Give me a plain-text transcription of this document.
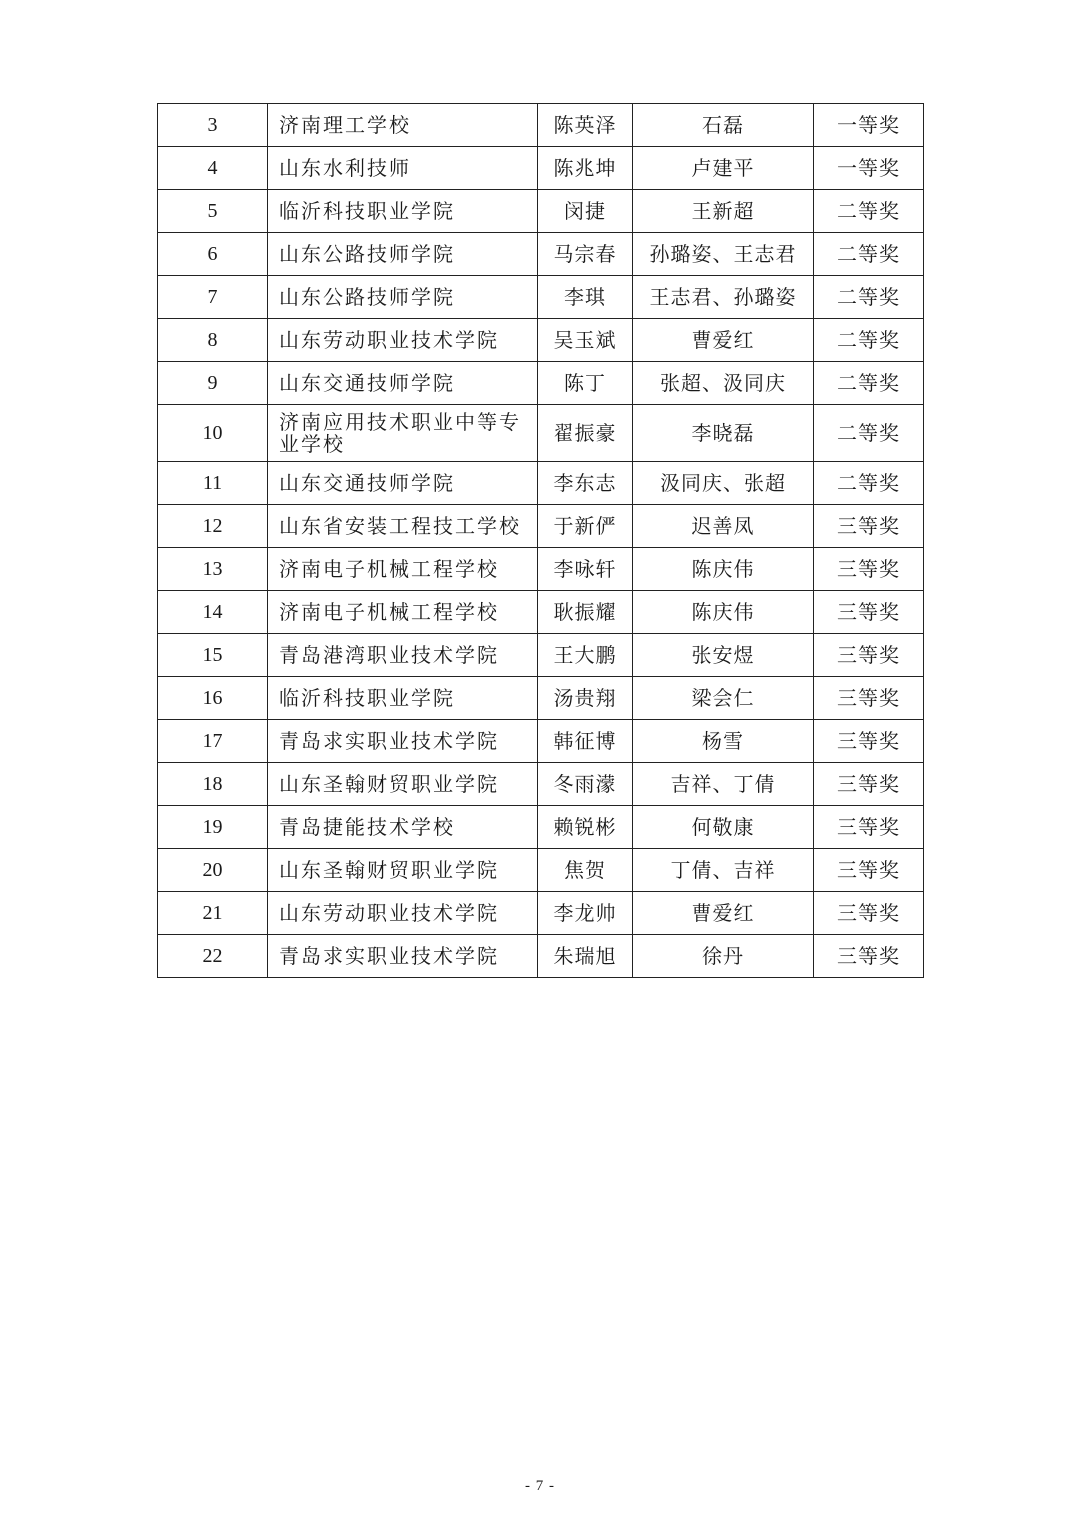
3	济南理工学校	陈英泽	石磊	一等奖
4	山东水利技师	陈兆坤	卢建平	一等奖
5	临沂科技职业学院	闵捷	王新超	二等奖
6	山东公路技师学院	马宗春	孙璐姿、王志君	二等奖
7	山东公路技师学院	李琪	王志君、孙璐姿	二等奖
8	山东劳动职业技术学院	吴玉斌	曹爱红	二等奖
9	山东交通技师学院	陈丁	张超、汲同庆	二等奖
10	济南应用技术职业中等专业学校	翟振豪	李晓磊	二等奖
11	山东交通技师学院	李东志	汲同庆、张超	二等奖
12	山东省安装工程技工学校	于新俨	迟善凤	三等奖
13	济南电子机械工程学校	李咏轩	陈庆伟	三等奖
14	济南电子机械工程学校	耿振耀	陈庆伟	三等奖
15	青岛港湾职业技术学院	王大鹏	张安煜	三等奖
16	临沂科技职业学院	汤贵翔	梁会仁	三等奖
17	青岛求实职业技术学院	韩征博	杨雪	三等奖
18	山东圣翰财贸职业学院	冬雨濛	吉祥、丁倩	三等奖
19	青岛捷能技术学校	赖锐彬	何敬康	三等奖
20	山东圣翰财贸职业学院	焦贺	丁倩、吉祥	三等奖
21	山东劳动职业技术学院	李龙帅	曹爱红	三等奖
22	青岛求实职业技术学院	朱瑞旭	徐丹	三等奖
- 7 -
